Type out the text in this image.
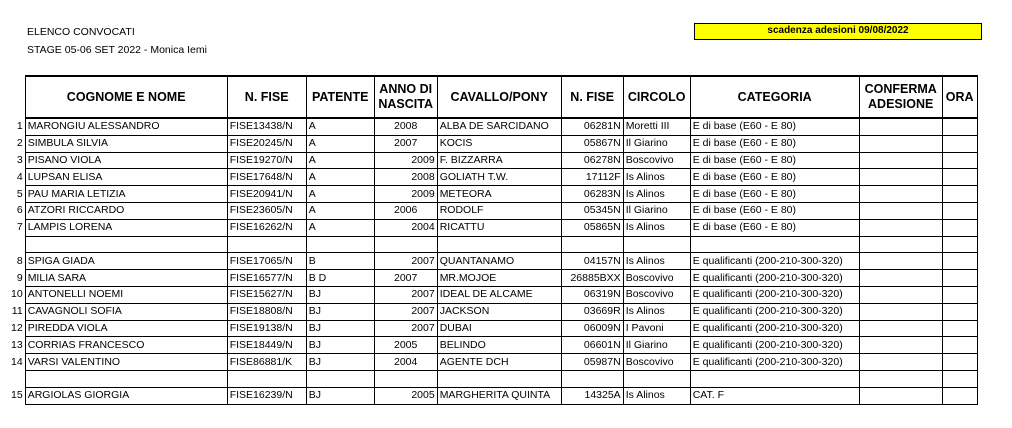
ELENCO CONVOCATI
STAGE 05-06 SET 2022 - Monica Iemi
scadenza adesioni 09/08/2022
	COGNOME E NOME	N. FISE	PATENTE	ANNO DI NASCITA	CAVALLO/PONY	N. FISE	CIRCOLO	CATEGORIA	CONFERMA ADESIONE	ORA
1	MARONGIU ALESSANDRO	FISE13438/N	A	2008	ALBA DE SARCIDANO	06281N	Moretti III	E di base (E60 - E 80)		
2	SIMBULA SILVIA	FISE20245/N	A	2007	KOCIS	05867N	Il Giarino	E di base (E60 - E 80)		
3	PISANO VIOLA	FISE19270/N	A	2009	F. BIZZARRA	06278N	Boscovivo	E di base (E60 - E 80)		
4	LUPSAN ELISA	FISE17648/N	A	2008	GOLIATH T.W.	17112F	Is Alinos	E di base (E60 - E 80)		
5	PAU MARIA LETIZIA	FISE20941/N	A	2009	METEORA	06283N	Is Alinos	E di base (E60 - E 80)		
6	ATZORI RICCARDO	FISE23605/N	A	2006	RODOLF	05345N	Il Giarino	E di base (E60 - E 80)		
7	LAMPIS LORENA	FISE16262/N	A	2004	RICATTU	05865N	Is Alinos	E di base (E60 - E 80)		

8	SPIGA GIADA	FISE17065/N	B	2007	QUANTANAMO	04157N	Is Alinos	E qualificanti (200-210-300-320)		
9	MILIA SARA	FISE16577/N	B D	2007	MR.MOJOE	26885BXX	Boscovivo	E qualificanti (200-210-300-320)		
10	ANTONELLI NOEMI	FISE15627/N	BJ	2007	IDEAL DE ALCAME	06319N	Boscovivo	E qualificanti (200-210-300-320)		
11	CAVAGNOLI SOFIA	FISE18808/N	BJ	2007	JACKSON	03669R	Is Alinos	E qualificanti (200-210-300-320)		
12	PIREDDA VIOLA	FISE19138/N	BJ	2007	DUBAI	06009N	I Pavoni	E qualificanti (200-210-300-320)		
13	CORRIAS FRANCESCO	FISE18449/N	BJ	2005	BELINDO	06601N	Il Giarino	E qualificanti (200-210-300-320)		
14	VARSI VALENTINO	FISE86881/K	BJ	2004	AGENTE DCH	05987N	Boscovivo	E qualificanti (200-210-300-320)		

15	ARGIOLAS GIORGIA	FISE16239/N	BJ	2005	MARGHERITA QUINTA	14325A	Is Alinos	CAT. F		
